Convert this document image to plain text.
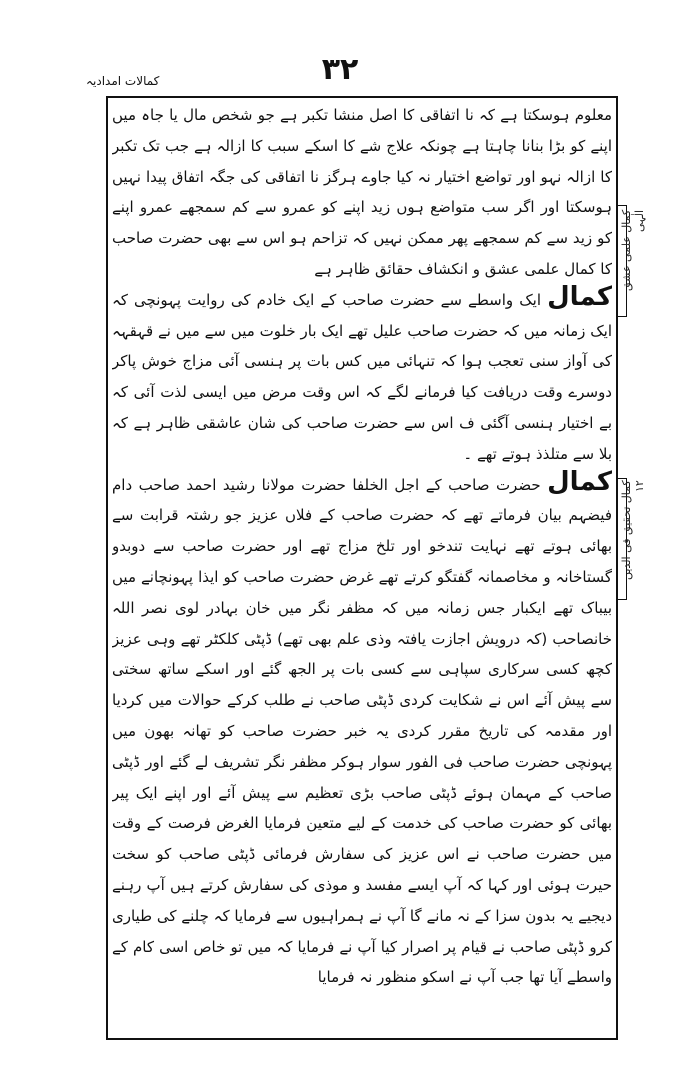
۳۲
کمالات امدادیہ

معلوم ہوسکتا ہے کہ نا اتفاقی کا اصل منشا تکبر ہے جو شخص مال یا جاہ میں اپنے کو بڑا بنانا چاہتا ہے چونکہ علاج شے کا اسکے سبب کا ازالہ ہے جب تک تکبر کا ازالہ نہو اور تواضع اختیار نہ کیا جاوے ہرگز نا اتفاقی کی جگہ اتفاق پیدا نہیں ہوسکتا اور اگر سب متواضع ہوں زید اپنے کو عمرو سے کم سمجھے عمرو اپنے کو زید سے کم سمجھے پھر ممکن نہیں کہ تزاحم ہو اس سے بھی حضرت صاحب کا کمال علمی عشق و انکشاف حقائق ظاہر ہے

کمال ایک واسطے سے حضرت صاحب کے ایک خادم کی روایت پہونچی کہ ایک زمانہ میں کہ حضرت صاحب علیل تھے ایک بار خلوت میں سے میں نے قہقہہ کی آواز سنی تعجب ہوا کہ تنہائی میں کس بات پر ہنسی آئی مزاج خوش پاکر دوسرے وقت دریافت کیا فرمانے لگے کہ اس وقت مرض میں ایسی لذت آئی کہ بے اختیار ہنسی آگئی ف اس سے حضرت صاحب کی شان عاشقی ظاہر ہے کہ بلا سے متلذذ ہوتے تھے ۔

کمال حضرت صاحب کے اجل الخلفا حضرت مولانا رشید احمد صاحب دام فیضہم بیان فرماتے تھے کہ حضرت صاحب کے فلاں عزیز جو رشتہ قرابت سے بھائی ہوتے تھے نہایت تندخو اور تلخ مزاج تھے اور حضرت صاحب سے دوبدو گستاخانہ و مخاصمانہ گفتگو کرتے تھے غرض حضرت صاحب کو ایذا پہونچانے میں بیباک تھے ایکبار جس زمانہ میں کہ مظفر نگر میں خان بہادر لوی نصر اللہ خانصاحب (کہ درویش اجازت یافتہ وذی علم بھی تھے) ڈپٹی کلکٹر تھے وہی عزیز کچھ کسی سرکاری سپاہی سے کسی بات پر الجھ گئے اور اسکے ساتھ سختی سے پیش آئے اس نے شکایت کردی ڈپٹی صاحب نے طلب کرکے حوالات میں کردیا اور مقدمہ کی تاریخ مقرر کردی یہ خبر حضرت صاحب کو تھانہ بھون میں پہونچی حضرت صاحب فی الفور سوار ہوکر مظفر نگر تشریف لے گئے اور ڈپٹی صاحب کے مہمان ہوئے ڈپٹی صاحب بڑی تعظیم سے پیش آئے اور اپنے ایک پیر بھائی کو حضرت صاحب کی خدمت کے لیے متعین فرمایا الغرض فرصت کے وقت میں حضرت صاحب نے اس عزیز کی سفارش فرمائی ڈپٹی صاحب کو سخت حیرت ہوئی اور کہا کہ آپ ایسے مفسد و موذی کی سفارش کرتے ہیں آپ رہنے دیجیے یہ بدون سزا کے نہ مانے گا آپ نے ہمراہیوں سے فرمایا کہ چلنے کی طیاری کرو ڈپٹی صاحب نے قیام پر اصرار کیا آپ نے فرمایا کہ میں تو خاص اسی کام کے واسطے آیا تھا جب آپ نے اسکو منظور نہ فرمایا

کمال علمی عشق الٰہی
کمال تحقیق فی الدین ۱۲
